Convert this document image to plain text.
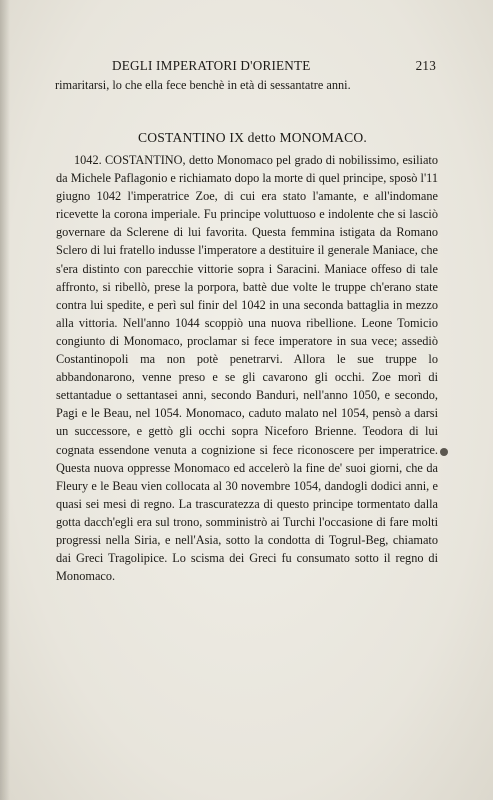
DEGLI IMPERATORI D'ORIENTE	213

rimaritarsi, lo che ella fece benchè in età di sessantatre anni.

COSTANTINO IX detto MONOMACO.

1042. COSTANTINO, detto Monomaco pel grado di nobilissimo, esiliato da Michele Paflagonio e richiamato dopo la morte di quel principe, sposò l'11 giugno 1042 l'imperatrice Zoe, di cui era stato l'amante, e all'indomane ricevette la corona imperiale. Fu principe voluttuoso e indolente che si lasciò governare da Sclerene di lui favorita. Questa femmina istigata da Romano Sclero di lui fratello indusse l'imperatore a destituire il generale Maniace, che s'era distinto con parecchie vittorie sopra i Saracini. Maniace offeso di tale affronto, si ribellò, prese la porpora, battè due volte le truppe ch'erano state contra lui spedite, e perì sul finir del 1042 in una seconda battaglia in mezzo alla vittoria. Nell'anno 1044 scoppiò una nuova ribellione. Leone Tomicio congiunto di Monomaco, proclamar si fece imperatore in sua vece; assediò Costantinopoli ma non potè penetrarvi. Allora le sue truppe lo abbandonarono, venne preso e se gli cavarono gli occhi. Zoe morì di settantadue o settantasei anni, secondo Banduri, nell'anno 1050, e secondo, Pagi e le Beau, nel 1054. Monomaco, caduto malato nel 1054, pensò a darsi un successore, e gettò gli occhi sopra Niceforo Brienne. Teodora di lui cognata essendone venuta a cognizione si fece riconoscere per imperatrice. Questa nuova oppresse Monomaco ed accelerò la fine de' suoi giorni, che da Fleury e le Beau vien collocata al 30 novembre 1054, dandogli dodici anni, e quasi sei mesi di regno. La trascuratezza di questo principe tormentato dalla gotta dacch'egli era sul trono, somministrò ai Turchi l'occasione di fare molti progressi nella Siria, e nell'Asia, sotto la condotta di Togrul-Beg, chiamato dai Greci Tragolipice. Lo scisma dei Greci fu consumato sotto il regno di Monomaco.
